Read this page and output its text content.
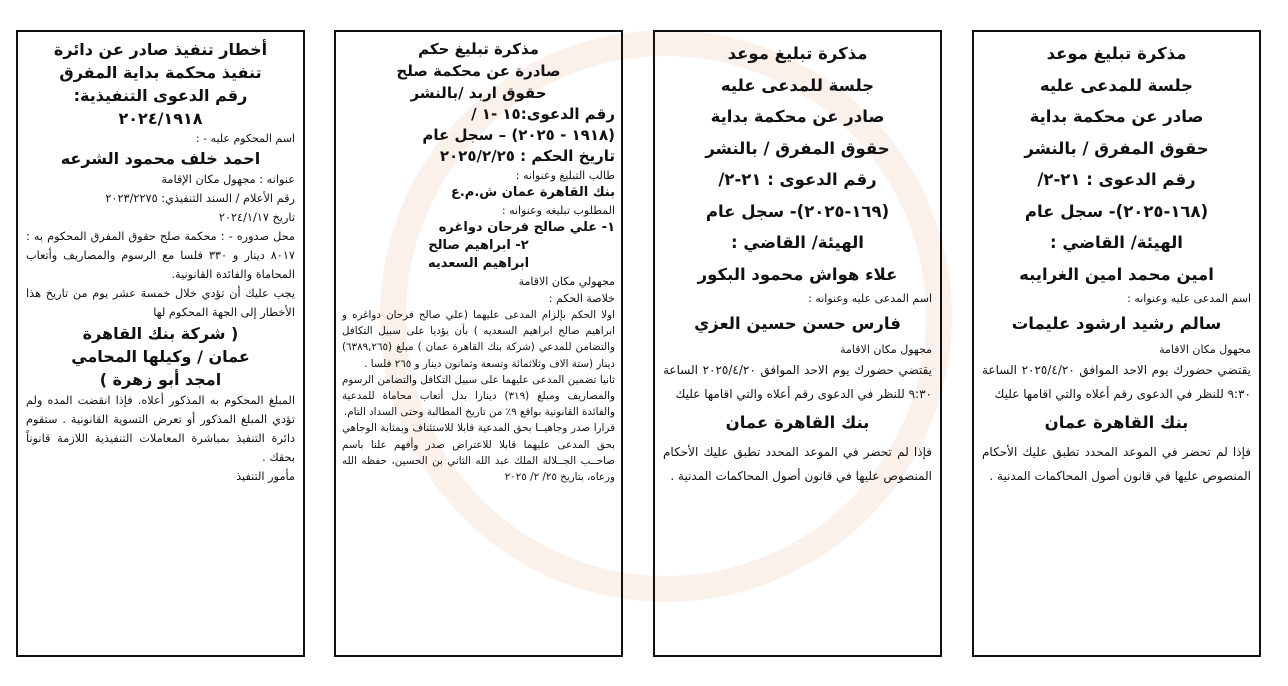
مذكرة تبليغ موعد
جلسة للمدعى عليه
صادر عن محكمة بداية
حقوق المفرق / بالنشر
رقم الدعوى : ٢١-٢/
(١٦٨-٢٠٢٥)- سجل عام
الهيئة/ القاضي :
امين محمد امين الغرايبه
اسم المدعى عليه وعنوانه :
سالم رشيد ارشود عليمات
مجهول مكان الاقامة
يقتضي حضورك يوم الاحد الموافق ٢٠٢٥/٤/٢٠ الساعة ٩:٣٠ للنظر في الدعوى رقم أعلاه والتي اقامها عليك
بنك القاهرة عمان
فإذا لم تحضر في الموعد المحدد تطبق عليك الأحكام المنصوص عليها في قانون أصول المحاكمات المدنية .
مذكرة تبليغ موعد
جلسة للمدعى عليه
صادر عن محكمة بداية
حقوق المفرق / بالنشر
رقم الدعوى : ٢١-٢/
(١٦٩-٢٠٢٥)- سجل عام
الهيئة/ القاضي :
علاء هواش محمود البكور
اسم المدعى عليه وعنوانه :
فارس حسن حسين العزي
مجهول مكان الاقامة
يقتضي حضورك يوم الاحد الموافق ٢٠٢٥/٤/٢٠ الساعة ٩:٣٠ للنظر في الدعوى رقم أعلاه والتي اقامها عليك
بنك القاهرة عمان
فإذا لم تحضر في الموعد المحدد تطبق عليك الأحكام المنصوص عليها في قانون أصول المحاكمات المدنية .
مذكرة تبليغ حكم
صادرة عن محكمة صلح
حقوق اربد /بالنشر
رقم الدعوى:١٥ -١ /
(١٩١٨ - ٢٠٢٥) – سجل عام
تاريخ الحكم : ٢٠٢٥/٢/٢٥
طالب التبليغ وعنوانه :
بنك القاهرة عمان ش.م.ع
المطلوب تبليغه وعنوانه :
١- علي صالح فرحان دواغره
٢- ابراهيم صالح
ابراهيم السعديه
مجهولي مكان الاقامة
خلاصة الحكم :
اولا الحكم بإلزام المدعى عليهما (علي صالح فرحان دواغره و ابراهيم صالح ابراهيم السعديه ) بأن يؤديا على سبيل التكافل والتضامن للمدعي (شركة بنك القاهرة عمان ) مبلغ (٦٣٨٩,٢٦٥) دينار (ستة الاف وثلاثمائة وتسعة وثمانون دينار و ٢٦٥ فلسا .
ثانيا تضمين المدعى عليهما على سبيل التكافل والتضامن الرسوم والمصاريف ومبلغ (٣١٩) دينارا بدل أتعاب محاماة للمدعية والفائدة القانونية بواقع ٩٪ من تاريخ المطالبة وحتى السداد التام.
قرارا صدر وجاهيــا بحق المدعية قابلا للاستئناف وبمثابة الوجاهي بحق المدعى عليهما قابلا للاعتراض صدر وأفهم علنا باسم صاحــب الجــلالة الملك عبد الله الثاني بن الحسين، حفظه الله ورعاه، بتاريخ ٢٥/ ٢/ ٢٠٢٥
أخطار تنفيذ صادر عن دائرة
تنفيذ محكمة بداية المفرق
رقم الدعوى التنفيذية:
٢٠٢٤/١٩١٨
اسم المحكوم عليه - :
احمد خلف محمود الشرعه
عنوانه : مجهول مكان الإقامة
رقم الأعلام / السند التنفيذي: ٢٠٢٣/٢٢٧٥
تاريخ ٢٠٢٤/١/١٧
محل صدوره - : محكمة صلح حقوق المفرق المحكوم به : ٨٠١٧ دينار و ٣٣٠ فلسا مع الرسوم والمصاريف وأتعاب المحاماة والفائدة القانونية.
يجب عليك أن تؤدي خلال خمسة عشر يوم من تاريخ هذا الأخطار إلى الجهة المحكوم لها
( شركة بنك القاهرة
عمان / وكيلها المحامي
امجد أبو زهرة )
المبلغ المحكوم به المذكور أعلاه. فإذا انقضت المده ولم تؤدي المبلغ المذكور أو تعرض التسوية القانونية . ستقوم دائرة التنفيذ بمباشرة المعاملات التنفيذية اللازمة قانوناً بحقك .
مأمور التنفيذ
